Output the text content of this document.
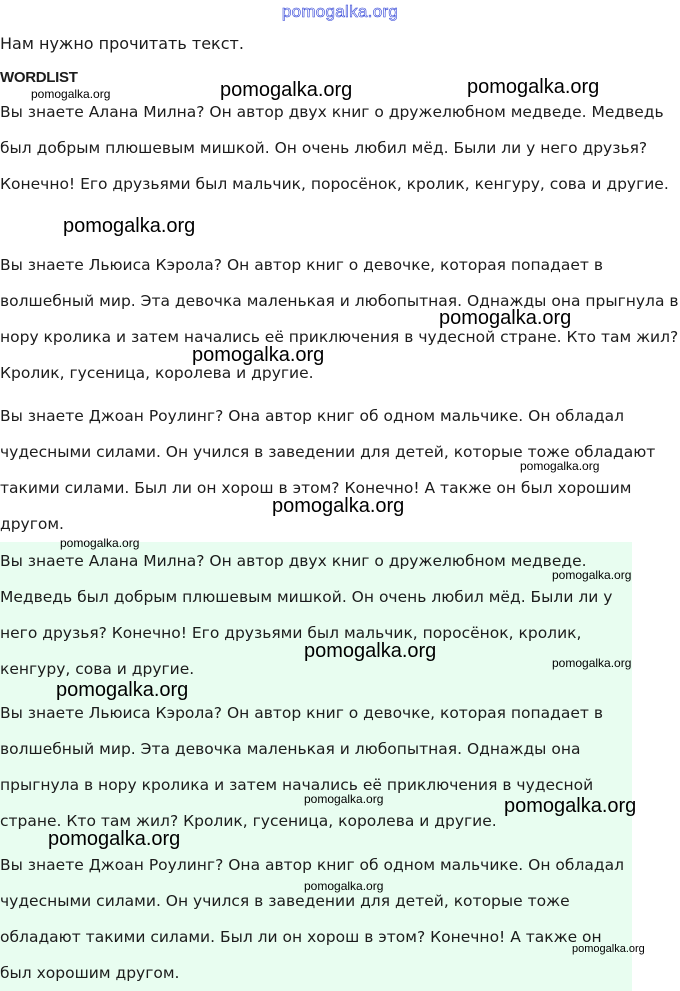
pomogalka.org
Нам нужно прочитать текст.
WORDLIST

Вы знаете Алана Милна? Он автор двух книг о дружелюбном медведе. Медведь был добрым плюшевым мишкой. Он очень любил мёд. Были ли у него друзья? Конечно! Его друзьями был мальчик, поросёнок, кролик, кенгуру, сова и другие.

Вы знаете Льюиса Кэрола? Он автор книг о девочке, которая попадает в волшебный мир. Эта девочка маленькая и любопытная. Однажды она прыгнула в нору кролика и затем начались её приключения в чудесной стране. Кто там жил? Кролик, гусеница, королева и другие.

Вы знаете Джоан Роулинг? Она автор книг об одном мальчике. Он обладал чудесными силами. Он учился в заведении для детей, которые тоже обладают такими силами. Был ли он хорош в этом? Конечно! А также он был хорошим другом.

Вы знаете Алана Милна? Он автор двух книг о дружелюбном медведе. Медведь был добрым плюшевым мишкой. Он очень любил мёд. Были ли у него друзья? Конечно! Его друзьями был мальчик, поросёнок, кролик, кенгуру, сова и другие.

Вы знаете Льюиса Кэрола? Он автор книг о девочке, которая попадает в волшебный мир. Эта девочка маленькая и любопытная. Однажды она прыгнула в нору кролика и затем начались её приключения в чудесной стране. Кто там жил? Кролик, гусеница, королева и другие.

Вы знаете Джоан Роулинг? Она автор книг об одном мальчике. Он обладал чудесными силами. Он учился в заведении для детей, которые тоже обладают такими силами. Был ли он хорош в этом? Конечно! А также он был хорошим другом.

pomogalka.org	pomogalka.org	pomogalka.org
pomogalka.org
pomogalka.org
pomogalka.org
pomogalka.org
pomogalka.org
pomogalka.org
pomogalka.org
pomogalka.org
pomogalka.org
pomogalka.org
pomogalka.org	pomogalka.org
pomogalka.org
pomogalka.org
pomogalka.org
